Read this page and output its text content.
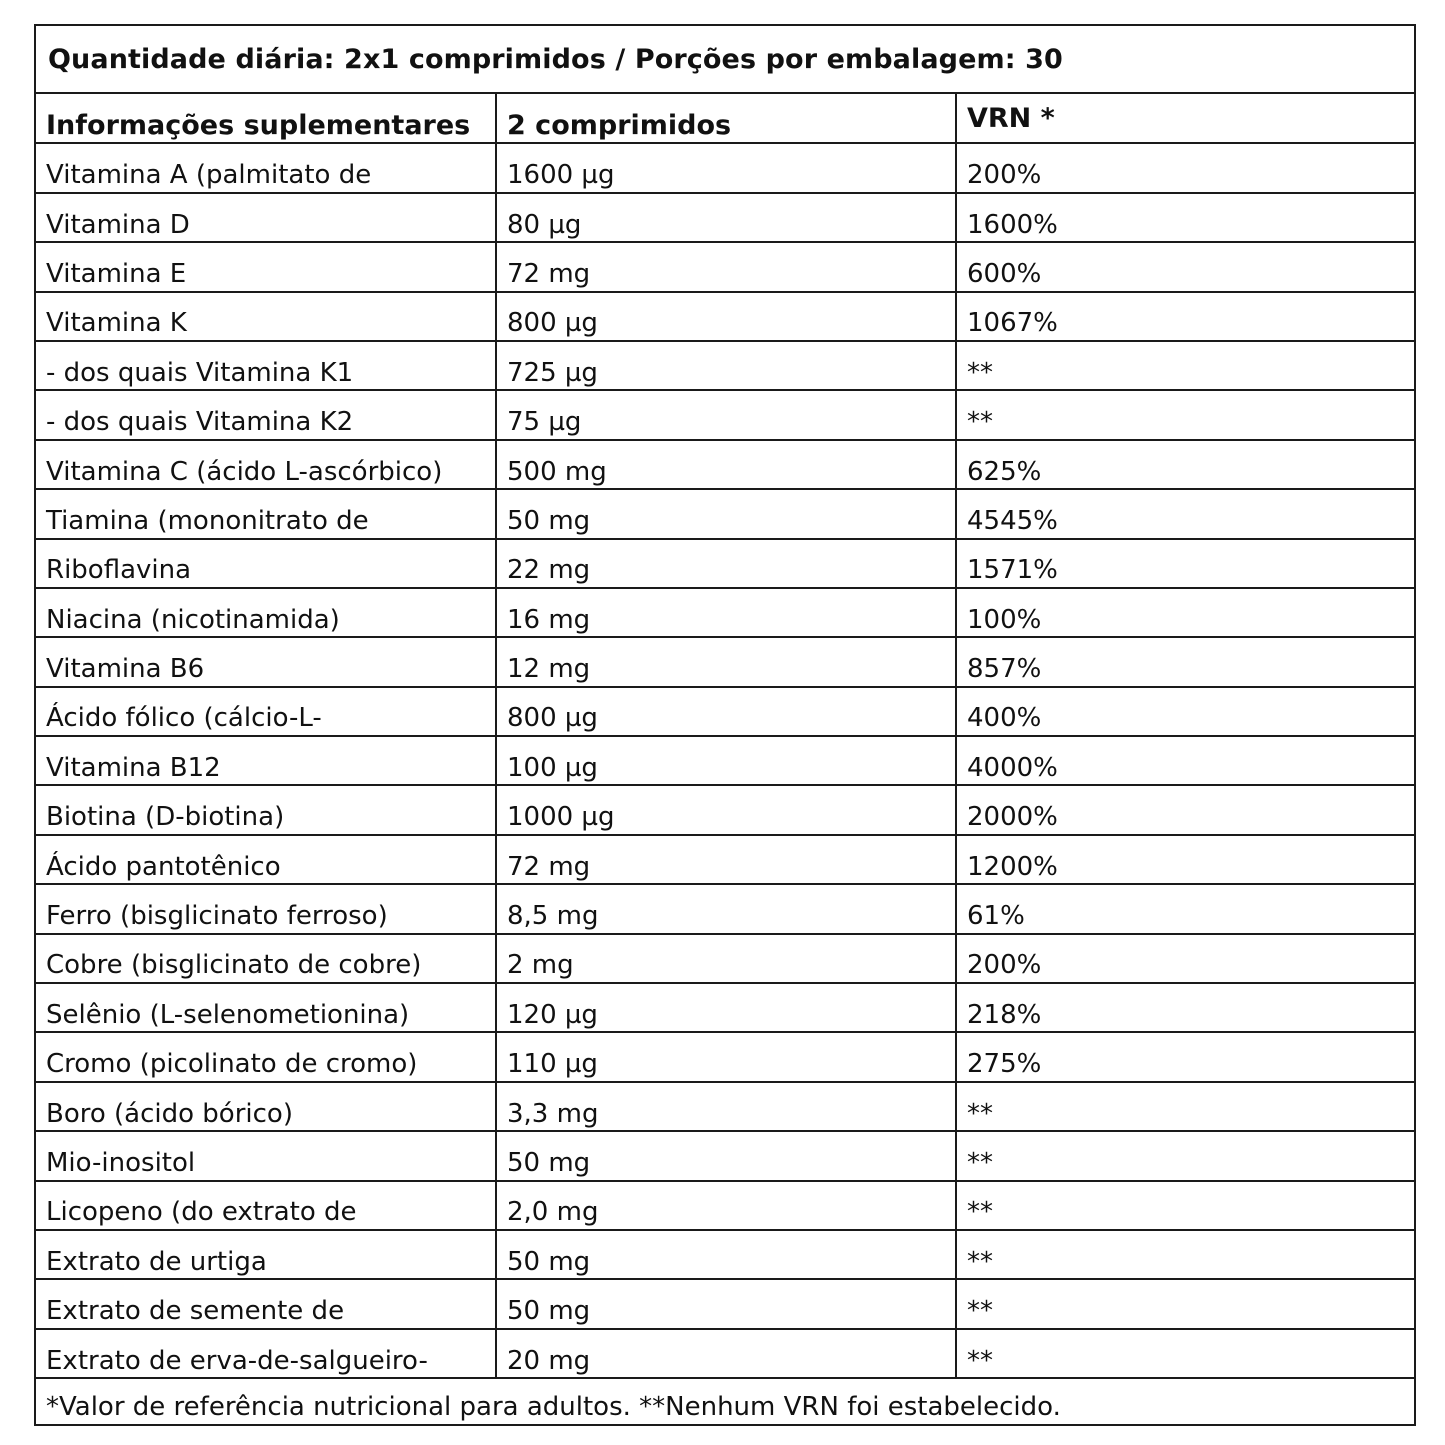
Quantidade diária: 2x1 comprimidos / Porções por embalagem: 30
Informações suplementares	2 comprimidos	VRN *
Vitamina A (palmitato de	1600 µg	200%
Vitamina D	80 µg	1600%
Vitamina E	72 mg	600%
Vitamina K	800 µg	1067%
- dos quais Vitamina K1	725 µg	**
- dos quais Vitamina K2	75 µg	**
Vitamina C (ácido L-ascórbico)	500 mg	625%
Tiamina (mononitrato de	50 mg	4545%
Riboflavina	22 mg	1571%
Niacina (nicotinamida)	16 mg	100%
Vitamina B6	12 mg	857%
Ácido fólico (cálcio-L-	800 µg	400%
Vitamina B12	100 µg	4000%
Biotina (D-biotina)	1000 µg	2000%
Ácido pantotênico	72 mg	1200%
Ferro (bisglicinato ferroso)	8,5 mg	61%
Cobre (bisglicinato de cobre)	2 mg	200%
Selênio (L-selenometionina)	120 µg	218%
Cromo (picolinato de cromo)	110 µg	275%
Boro (ácido bórico)	3,3 mg	**
Mio-inositol	50 mg	**
Licopeno (do extrato de	2,0 mg	**
Extrato de urtiga	50 mg	**
Extrato de semente de	50 mg	**
Extrato de erva-de-salgueiro-	20 mg	**
*Valor de referência nutricional para adultos. **Nenhum VRN foi estabelecido.
